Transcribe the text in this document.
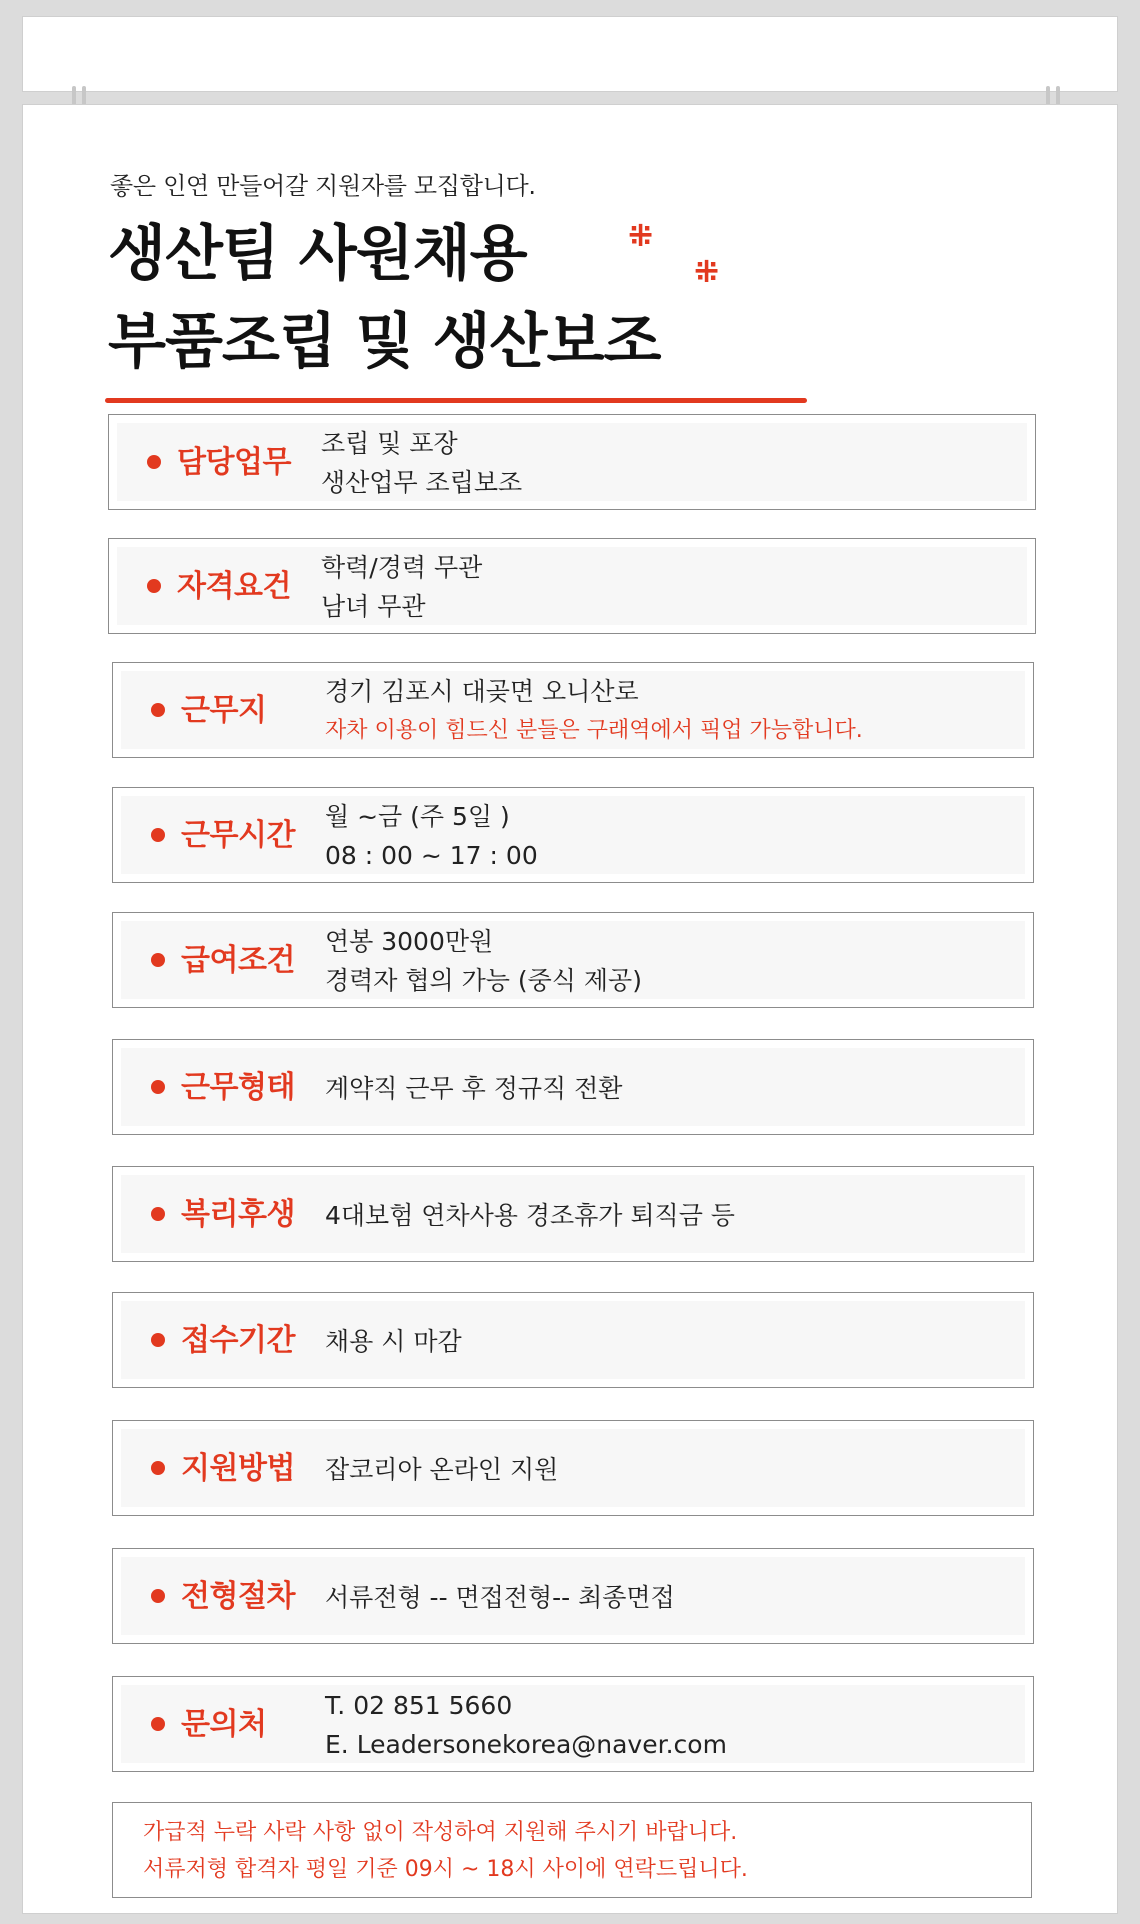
좋은 인연 만들어갈 지원자를 모집합니다.
생산팀 사원채용
부품조립 및 생산보조
⁜
⁜
담당업무
조립 및 포장
생산업무 조립보조
자격요건
학력/경력 무관
남녀 무관
근무지
경기 김포시 대곶면 오니산로
자차 이용이 힘드신 분들은 구래역에서 픽업 가능합니다.
근무시간
월 ~금 (주 5일 )
08 : 00 ~ 17 : 00
급여조건
연봉 3000만원
경력자 협의 가능 (중식 제공)
근무형태 계약직 근무 후 정규직 전환
복리후생 4대보험 연차사용 경조휴가 퇴직금 등
접수기간 채용 시 마감
지원방법 잡코리아 온라인 지원
전형절차 서류전형 -- 면접전형-- 최종면접
문의처
T. 02 851 5660
E. Leadersonekorea@naver.com
가급적 누락 사락 사항 없이 작성하여 지원해 주시기 바랍니다.
서류저형 합격자 평일 기준 09시 ~ 18시 사이에 연락드립니다.
